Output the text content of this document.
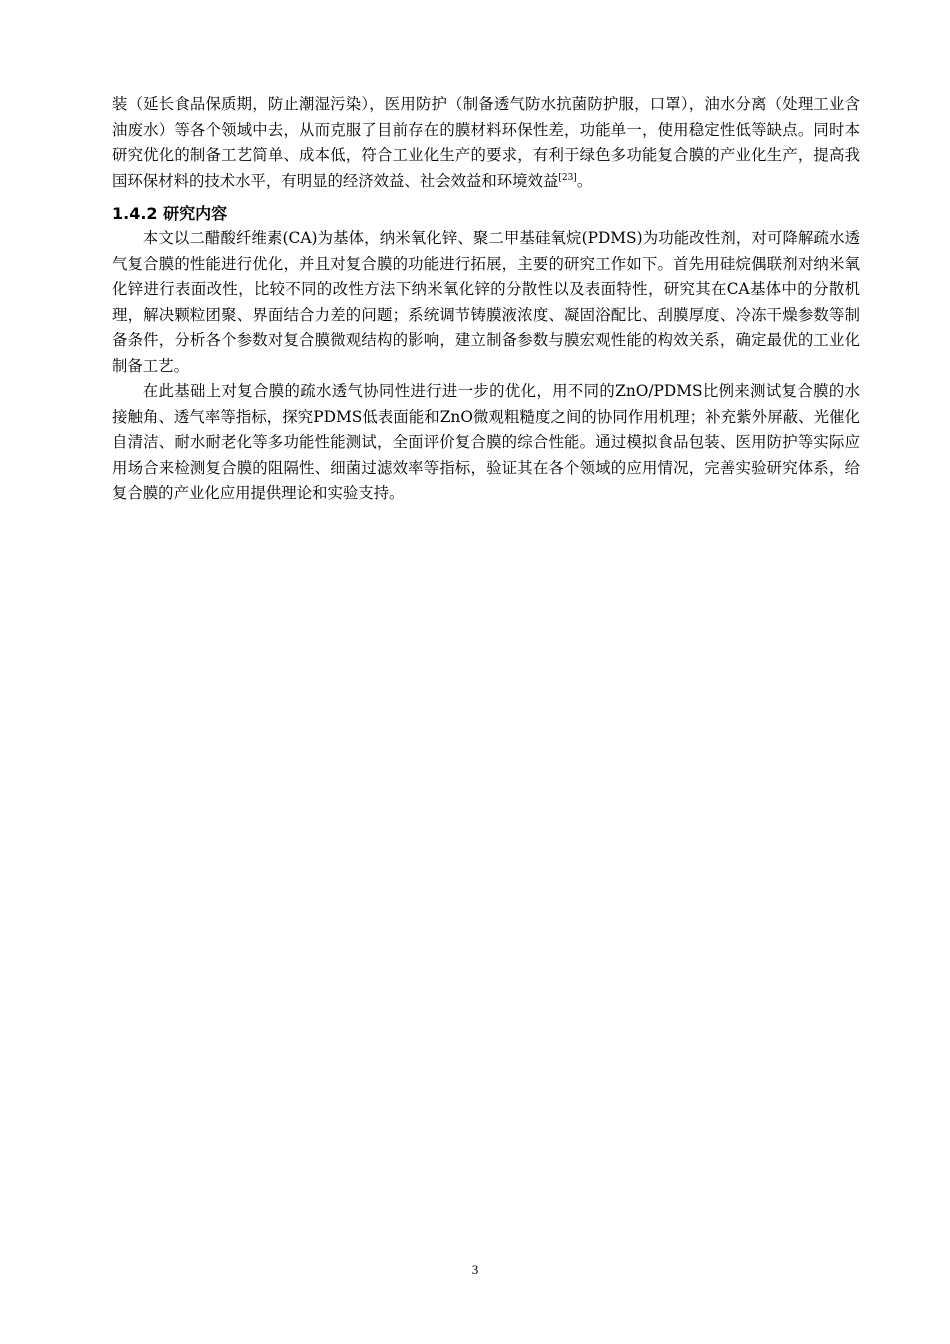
装（延长食品保质期，防止潮湿污染），医用防护（制备透气防水抗菌防护服，口罩），油水分离（处理工业含油废水）等各个领域中去，从而克服了目前存在的膜材料环保性差，功能单一，使用稳定性低等缺点。同时本研究优化的制备工艺简单、成本低，符合工业化生产的要求，有利于绿色多功能复合膜的产业化生产，提高我国环保材料的技术水平，有明显的经济效益、社会效益和环境效益[23]。

1.4.2 研究内容

本文以二醋酸纤维素(CA)为基体，纳米氧化锌、聚二甲基硅氧烷(PDMS)为功能改性剂，对可降解疏水透气复合膜的性能进行优化，并且对复合膜的功能进行拓展，主要的研究工作如下。首先用硅烷偶联剂对纳米氧化锌进行表面改性，比较不同的改性方法下纳米氧化锌的分散性以及表面特性，研究其在CA基体中的分散机理，解决颗粒团聚、界面结合力差的问题；系统调节铸膜液浓度、凝固浴配比、刮膜厚度、冷冻干燥参数等制备条件，分析各个参数对复合膜微观结构的影响，建立制备参数与膜宏观性能的构效关系，确定最优的工业化制备工艺。

在此基础上对复合膜的疏水透气协同性进行进一步的优化，用不同的ZnO/PDMS比例来测试复合膜的水接触角、透气率等指标，探究PDMS低表面能和ZnO微观粗糙度之间的协同作用机理；补充紫外屏蔽、光催化自清洁、耐水耐老化等多功能性能测试，全面评价复合膜的综合性能。通过模拟食品包装、医用防护等实际应用场合来检测复合膜的阻隔性、细菌过滤效率等指标，验证其在各个领域的应用情况，完善实验研究体系，给复合膜的产业化应用提供理论和实验支持。

3
